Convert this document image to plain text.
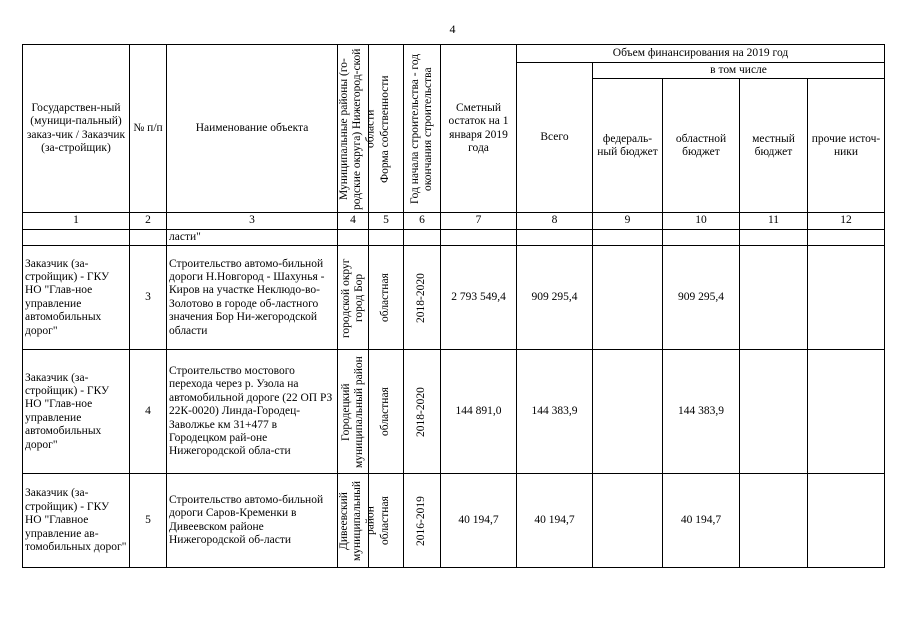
4
Государствен-ный (муници-пальный) заказ-чик / Заказчик (за-стройщик)	№ п/п	Наименование объекта	Муниципальные районы (го-родские округа) Нижегород-ской области	Форма собственности	Год начала строительства - год окончания строительства	Сметный остаток на 1 января 2019 года	Объем финансирования на 2019 год				
							Всего	в том числе			
								федераль-ный бюджет	областной бюджет	местный бюджет	прочие источ-ники
1	2	3	4	5	6	7	8	9	10	11	12
		ласти"									
Заказчик (за-стройщик) - ГКУ НО "Глав-ное управление автомобильных дорог"	3	Строительство автомо-бильной дороги Н.Новгород - Шахунья - Киров на участке Неклюдо-во-Золотово в городе об-ластного значения Бор Ни-жегородской области	городской округ город Бор	областная	2018-2020	2 793 549,4	909 295,4		909 295,4		
Заказчик (за-стройщик) - ГКУ НО "Глав-ное управление автомобильных дорог"	4	Строительство мостового перехода через р. Узола на автомобильной дороге (22 ОП РЗ 22К-0020) Линда-Городец-Заволжье км 31+477 в Городецком рай-оне Нижегородской обла-сти	Городецкий муниципальный район	областная	2018-2020	144 891,0	144 383,9		144 383,9		
Заказчик (за-стройщик) - ГКУ НО "Главное управление ав-томобильных дорог"	5	Строительство автомо-бильной дороги Саров-Кременки в Дивеевском районе Нижегородской об-ласти	Дивеевский муниципальный район	областная	2016-2019	40 194,7	40 194,7		40 194,7		
